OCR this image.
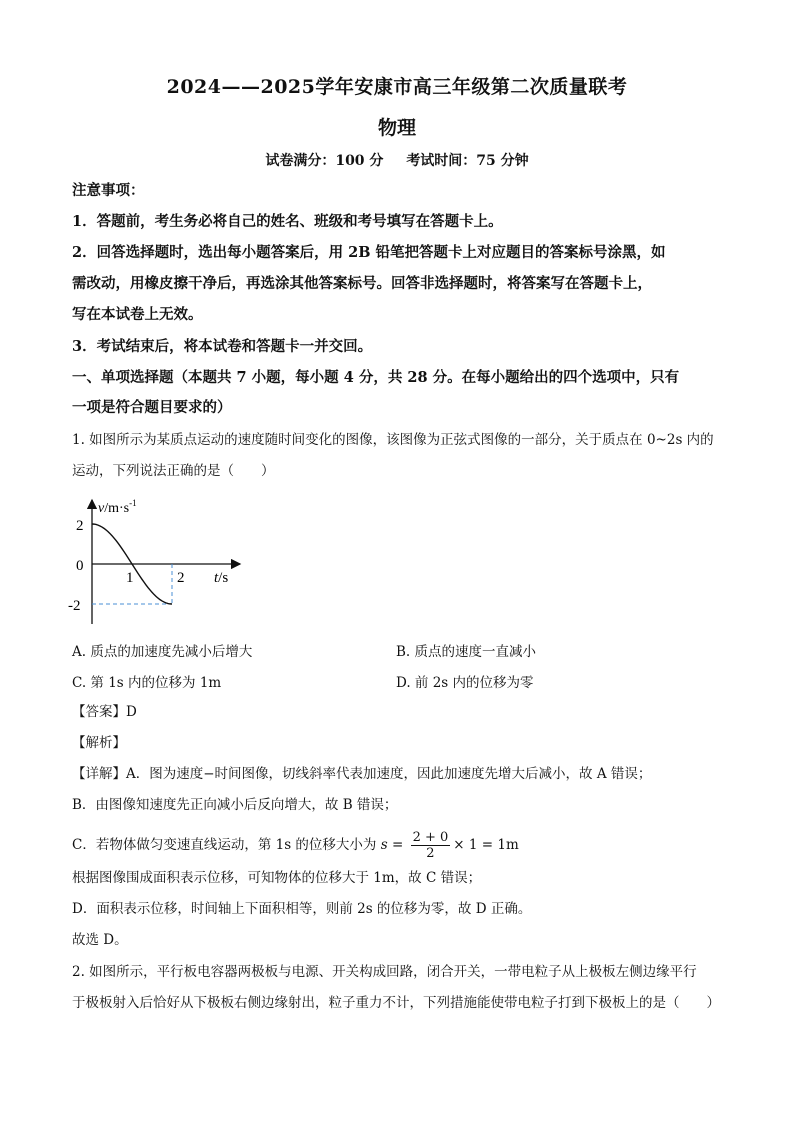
2024——2025学年安康市高三年级第二次质量联考
物理
试卷满分：100 分 考试时间：75 分钟
注意事项：
1．答题前，考生务必将自己的姓名、班级和考号填写在答题卡上。
2．回答选择题时，选出每小题答案后，用 2B 铅笔把答题卡上对应题目的答案标号涂黑，如
需改动，用橡皮擦干净后，再选涂其他答案标号。回答非选择题时，将答案写在答题卡上，
写在本试卷上无效。
3．考试结束后，将本试卷和答题卡一并交回。
一、单项选择题（本题共 7 小题，每小题 4 分，共 28 分。在每小题给出的四个选项中，只有
一项是符合题目要求的）
1. 如图所示为某质点运动的速度随时间变化的图像，该图像为正弦式图像的一部分，关于质点在 0~2s 内的
运动，下列说法正确的是（　　）
$v/m\cdot s^{-1}$
2
0
-2
1	2 t/s
A. 质点的加速度先减小后增大	B. 质点的速度一直减小
C. 第 1s 内的位移为 1m	D. 前 2s 内的位移为零
【答案】D
【解析】
【详解】A．图为速度−时间图像，切线斜率代表加速度，因此加速度先增大后减小，故 A 错误；
B．由图像知速度先正向减小后反向增大，故 B 错误；
C．若物体做匀变速直线运动，第 1s 的位移大小为 $s = \frac{2 + 0}{2} \times 1 = 1m$
根据图像围成面积表示位移，可知物体的位移大于 1m，故 C 错误；
D．面积表示位移，时间轴上下面积相等，则前 2s 的位移为零，故 D 正确。
故选 D。
2. 如图所示，平行板电容器两极板与电源、开关构成回路，闭合开关，一带电粒子从上极板左侧边缘平行
于极板射入后恰好从下极板右侧边缘射出，粒子重力不计，下列措施能使带电粒子打到下极板上的是（　　）
